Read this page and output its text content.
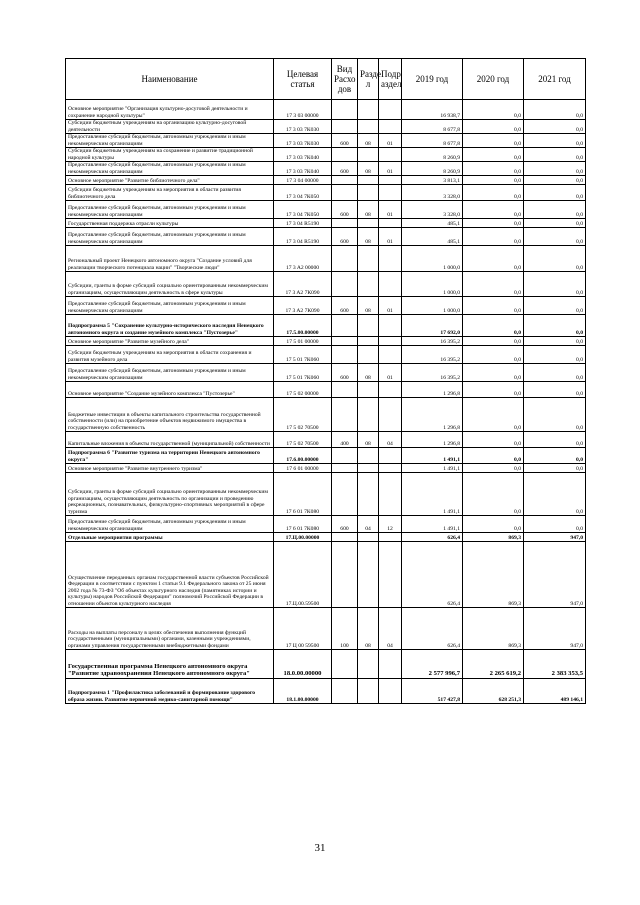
Наименование	Целевая статья	Вид Расхо дов	Разде л	Подр аздел	2019 год	2020 год	2021 год
Основное мероприятие "Организация культурно-досуговой деятельности и сохранение народной культуры"	17 3 03 00000				16 938,7	0,0	0,0
Субсидии бюджетным учреждениям на организацию культурно-досуговой деятельности	17 3 03 7К030				8 677,8	0,0	0,0
Предоставление субсидий бюджетным, автономным учреждениям и иным некоммерческим организациям	17 3 03 7К030	600	08	01	8 677,8	0,0	0,0
Субсидии бюджетным учреждениям на сохранение и развитие традиционной народной культуры	17 3 03 7К040				8 260,9	0,0	0,0
Предоставление субсидий бюджетным, автономным учреждениям и иным некоммерческим организациям	17 3 03 7К040	600	08	01	8 260,9	0,0	0,0
Основное мероприятие "Развитие библиотечного дела"	17 3 04 00000				3 813,1	0,0	0,0
Субсидии бюджетным учреждениям на мероприятия в области развития библиотечного дела	17 3 04 7К050				3 328,0	0,0	0,0
Предоставление субсидий бюджетным, автономным учреждениям и иным некоммерческим организациям	17 3 04 7К050	600	08	01	3 328,0	0,0	0,0
Государственная поддержка отрасли культуры	17 3 04 R5190				485,1	0,0	0,0
Предоставление субсидий бюджетным, автономным учреждениям и иным некоммерческим организациям	17 3 04 R5190	600	08	01	485,1	0,0	0,0
Региональный проект Ненецкого автономного округа "Создание условий для реализации творческого потенциала нации" "Творческие люди"	17 3 A2 00000				1 000,0	0,0	0,0
Субсидии, гранты в форме субсидий социально ориентированным некоммерческим организациям, осуществляющим деятельность в сфере культуры	17 3 A2 7К090				1 000,0	0,0	0,0
Предоставление субсидий бюджетным, автономным учреждениям и иным некоммерческим организациям	17 3 A2 7К090	600	08	01	1 000,0	0,0	0,0
Подпрограмма 5 "Сохранение культурно-исторического наследия Ненецкого автономного округа и создание музейного комплекса "Пустозерье"	17.5.00.00000				17 692,0	0,0	0,0
Основное мероприятие "Развитие музейного дела"	17 5 01 00000				16 395,2	0,0	0,0
Субсидии бюджетным учреждениям на мероприятия в области сохранения и развития музейного дела	17 5 01 7К060				16 395,2	0,0	0,0
Предоставление субсидий бюджетным, автономным учреждениям и иным некоммерческим организациям	17 5 01 7К060	600	08	01	16 395,2	0,0	0,0
Основное мероприятие "Создание музейного комплекса "Пустозерье"	17 5 02 00000				1 296,8	0,0	0,0
Бюджетные инвестиции в объекты капитального строительства государственной собственности (или) на приобретение объектов недвижимого имущества в государственную собственность	17 5 02 70500				1 296,8	0,0	0,0
Капитальные вложения в объекты государственной (муниципальной) собственности	17 5 02 70500	400	08	04	1 296,8	0,0	0,0
Подпрограмма 6 "Развитие туризма на территории Ненецкого автономного округа"	17.6.00.00000				1 491,1	0,0	0,0
Основное мероприятие "Развитие внутреннего туризма"	17 6 01 00000				1 491,1	0,0	0,0
Субсидии, гранты в форме субсидий социально ориентированным некоммерческим организациям, осуществляющим деятельность по организации и проведению рекреационных, познавательных, физкультурно-спортивных мероприятий в сфере туризма	17 6 01 7К080				1 491,1	0,0	0,0
Предоставление субсидий бюджетным, автономным учреждениям и иным некоммерческим организациям	17 6 01 7К080	600	04	12	1 491,1	0,0	0,0
Отдельные мероприятия программы	17.Ц.00.00000				626,4	869,3	947,0
Осуществление переданных органам государственной власти субъектов Российской Федерации в соответствии с пунктом 1 статьи 9.1 Федерального закона от 25 июня 2002 года № 73-ФЗ "Об объектах культурного наследия (памятниках истории и культуры) народов Российской Федерации" полномочий Российской Федерации в отношении объектов культурного наследия	17.Ц.00.59500				626,4	869,3	947,0
Расходы на выплаты персоналу в целях обеспечения выполнения функций государственными (муниципальными) органами, казенными учреждениями, органами управления государственными внебюджетными фондами	17 Ц 00 59500	100	08	04	626,4	869,3	947,0
Государственная программа Ненецкого автономного округа "Развитие здравоохранения Ненецкого автономного округа"	18.0.00.00000				2 577 996,7	2 265 619,2	2 383 353,5
Подпрограмма 1 "Профилактика заболеваний и формирование здорового образа жизни. Развитие первичной медико-санитарной помощи"	18.1.00.00000				517 427,8	628 251,3	489 146,1
31
